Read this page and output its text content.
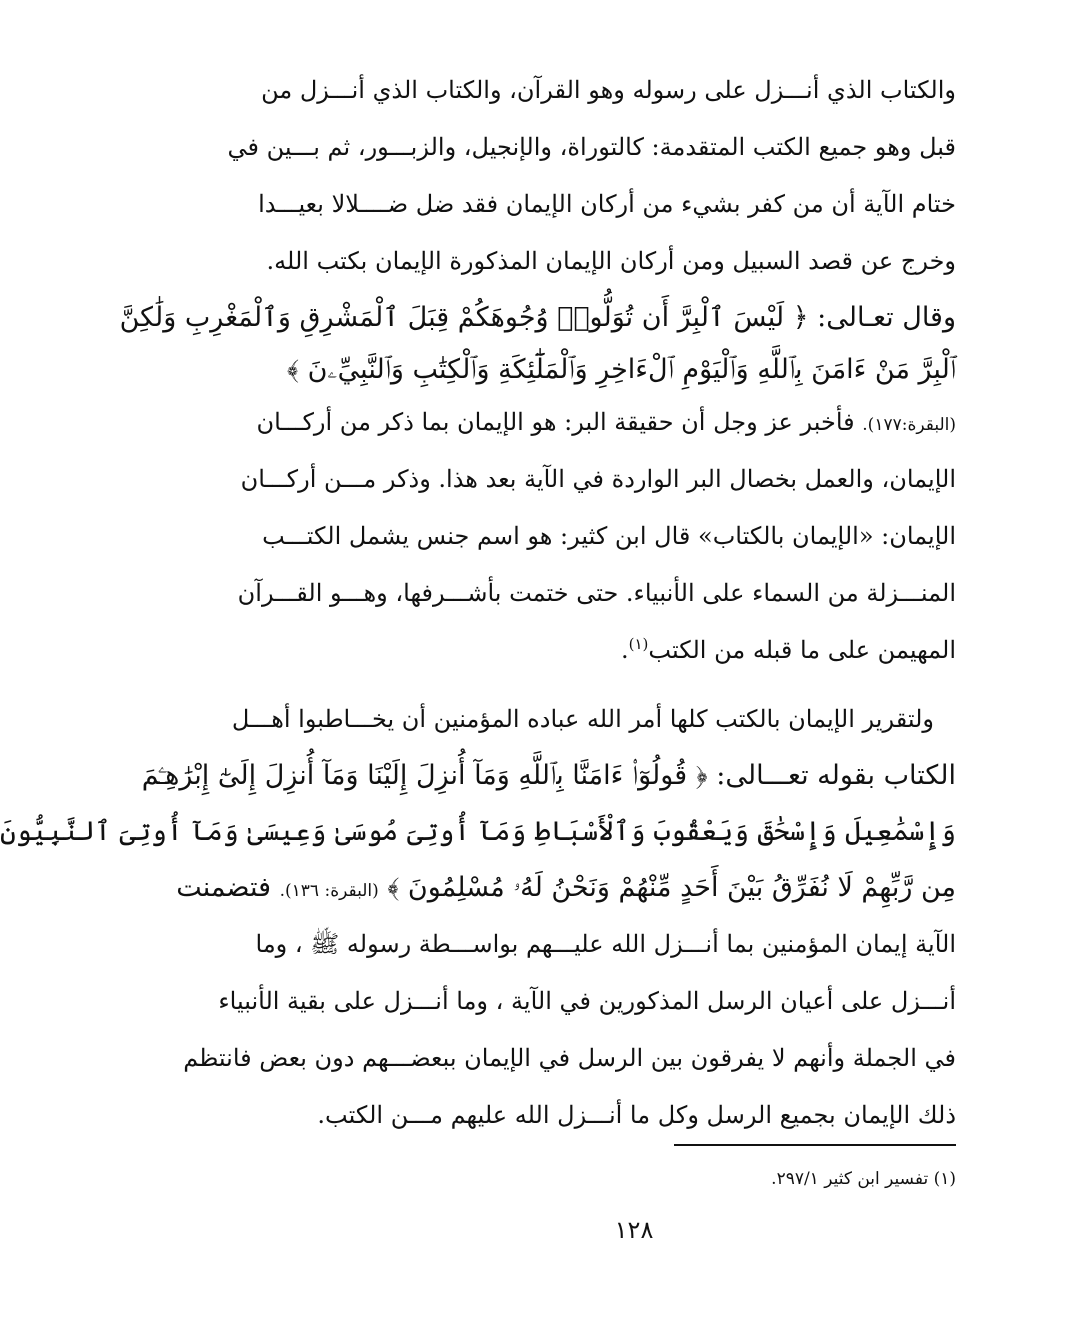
والكتاب الذي أنـــزل على رسوله وهو القرآن، والكتاب الذي أنـــزل من
قبل وهو جميع الكتب المتقدمة: كالتوراة، والإنجيل، والزبـــور، ثم بـــين في
ختام الآية أن من كفر بشيء من أركان الإيمان فقد ضل ضــــلالا بعيـــدا
وخرج عن قصد السبيل ومن أركان الإيمان المذكورة الإيمان بكتب الله.
وقال تعـالى: ﴿ لَيْسَ ٱلْبِرَّ أَن تُوَلُّوا۟ وُجُوهَكُمْ قِبَلَ ٱلْمَشْرِقِ وَٱلْمَغْرِبِ وَلَٰكِنَّ
ٱلْبِرَّ مَنْ ءَامَنَ بِٱللَّهِ وَٱلْيَوْمِ ٱلْءَاخِرِ وَٱلْمَلَٰٓئِكَةِ وَٱلْكِتَٰبِ وَٱلنَّبِيِّۦنَ ﴾
(البقرة:١٧٧). فأخبر عز وجل أن حقيقة البر: هو الإيمان بما ذكر من أركـــان
الإيمان، والعمل بخصال البر الواردة في الآية بعد هذا. وذكر مـــن أركـــان
الإيمان: «الإيمان بالكتاب» قال ابن كثير: هو اسم جنس يشمل الكتـــب
المنـــزلة من السماء على الأنبياء. حتى ختمت بأشـــرفها، وهـــو القـــرآن
المهيمن على ما قبله من الكتب$^{(١)}$.
ولتقرير الإيمان بالكتب كلها أمر الله عباده المؤمنين أن يخـــاطبوا أهـــل
الكتاب بقوله تعـــالى: ﴿ قُولُوٓا۟ ءَامَنَّا بِٱللَّهِ وَمَآ أُنزِلَ إِلَيْنَا وَمَآ أُنزِلَ إِلَىٰٓ إِبْرَٰهِـۧمَ
وَإِسْمَٰعِيلَ وَإِسْحَٰقَ وَيَعْقُوبَ وَٱلْأَسْبَاطِ وَمَآ أُوتِىَ مُوسَىٰ وَعِيسَىٰ وَمَآ أُوتِىَ ٱلنَّبِيُّونَ
مِن رَّبِّهِمْ لَا نُفَرِّقُ بَيْنَ أَحَدٍ مِّنْهُمْ وَنَحْنُ لَهُۥ مُسْلِمُونَ ﴾ (البقرة: ١٣٦). فتضمنت
الآية إيمان المؤمنين بما أنـــزل الله عليـــهم بواســـطة رسوله ﷺ ، وما
أنـــزل على أعيان الرسل المذكورين في الآية ، وما أنـــزل على بقية الأنبياء
في الجملة وأنهم لا يفرقون بين الرسل في الإيمان ببعضـــهم دون بعض فانتظم
ذلك الإيمان بجميع الرسل وكل ما أنـــزل الله عليهم مـــن الكتب.
(١) تفسير ابن كثير ٢٩٧/١.
١٢٨
